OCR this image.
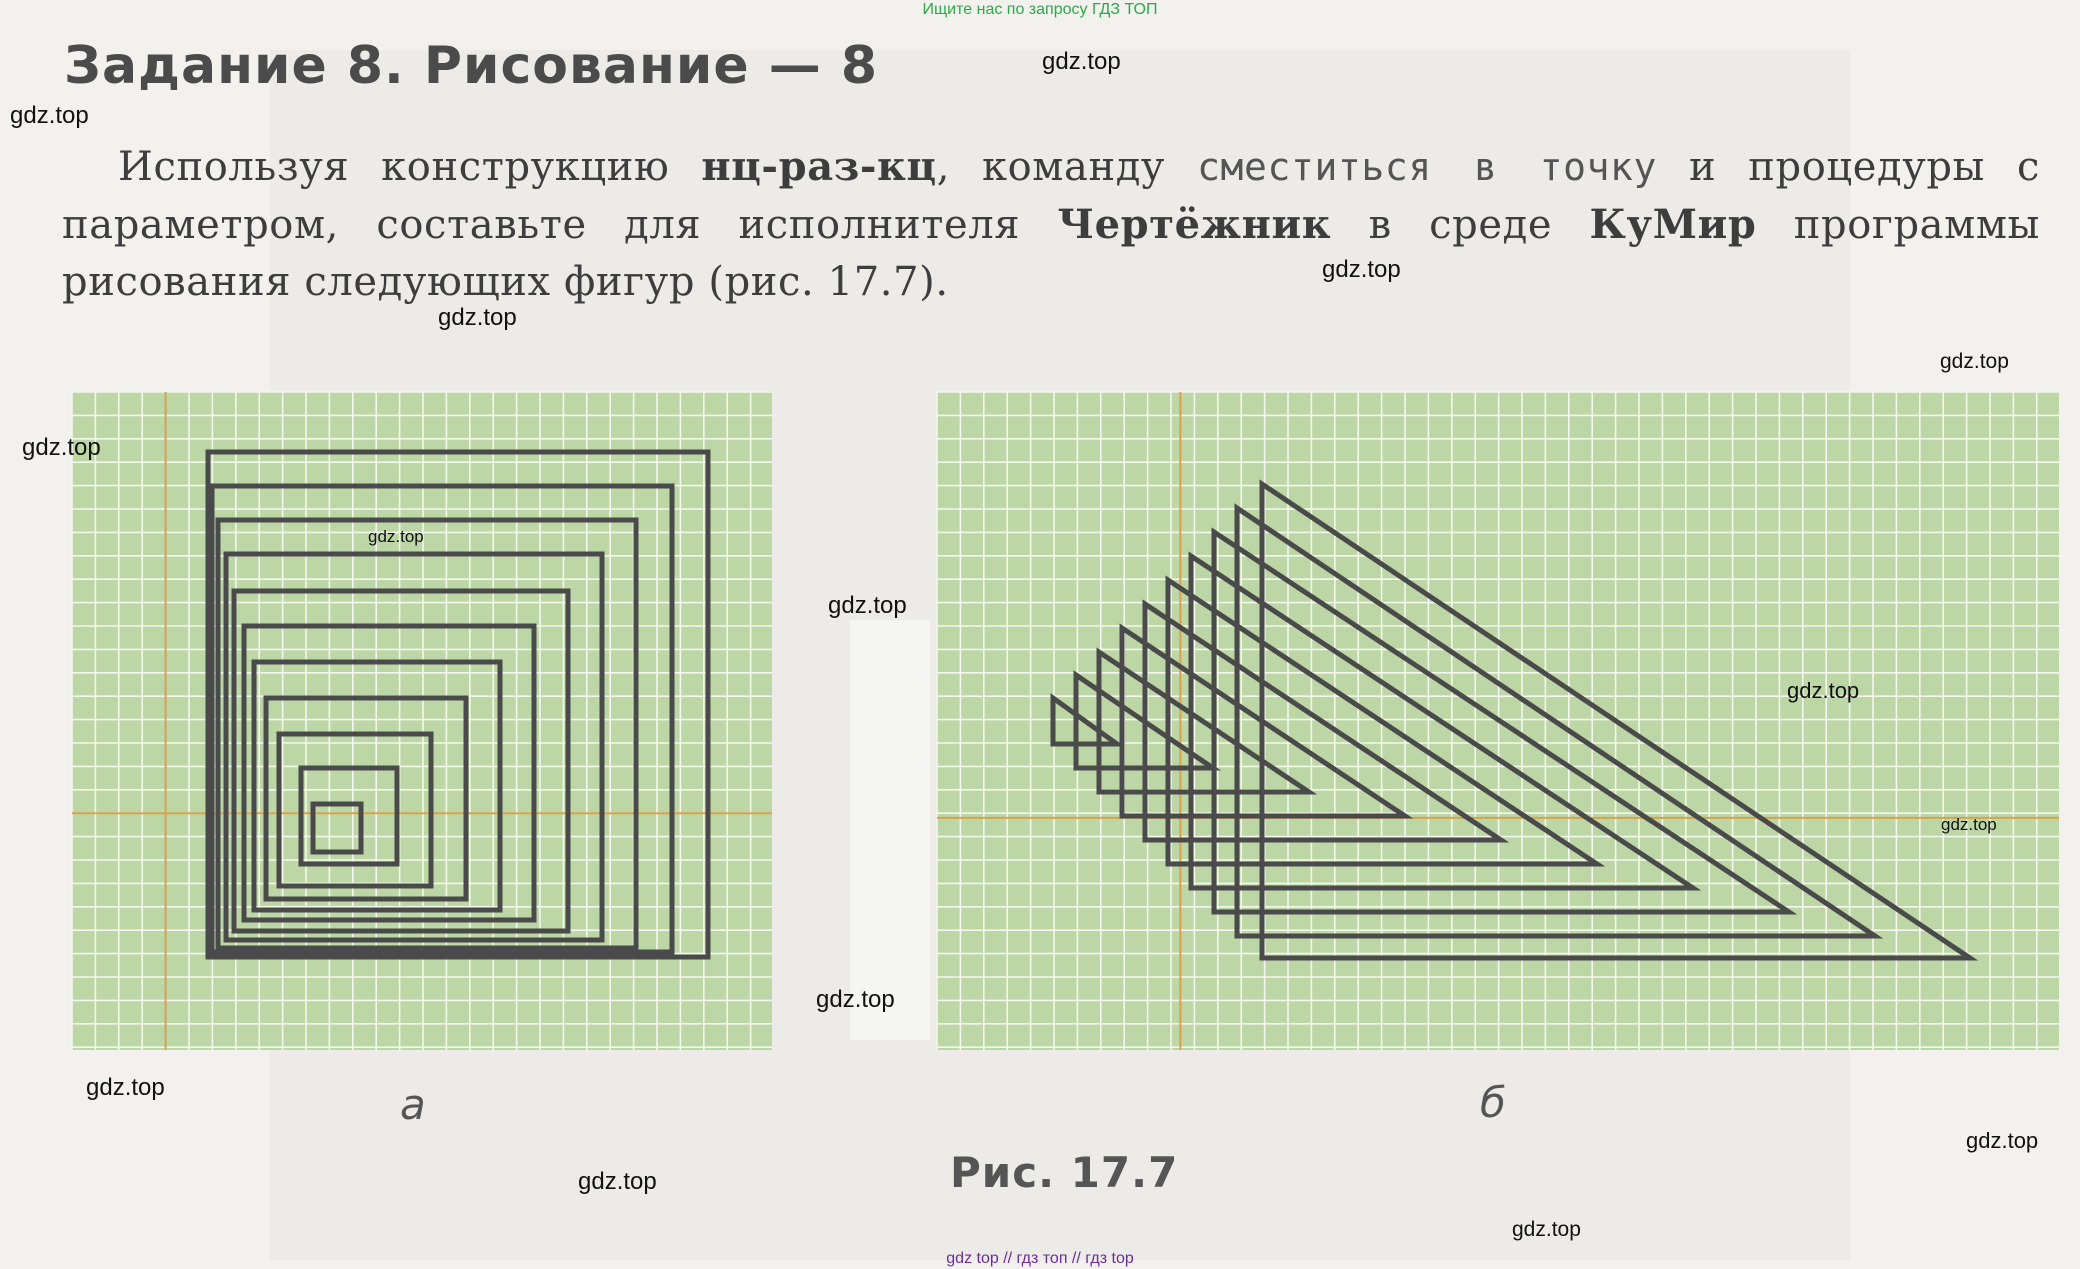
Ищите нас по запросу ГДЗ ТОП
Задание 8. Рисование — 8
Используя конструкцию нц-раз-кц, команду сместиться в точку и процедуры с параметром, составьте для исполнителя Чертёжник в среде КуМир программы рисования следующих фигур (рис. 17.7).
а	б
Рис. 17.7
gdz.top
gdz.top
gdz.top
gdz.top
gdz.top
gdz.top
gdz.top
gdz.top
gdz.top
gdz.top
gdz.top
gdz.top
gdz.top
gdz.top
gdz.top
gdz top // гдз топ // гдз top
